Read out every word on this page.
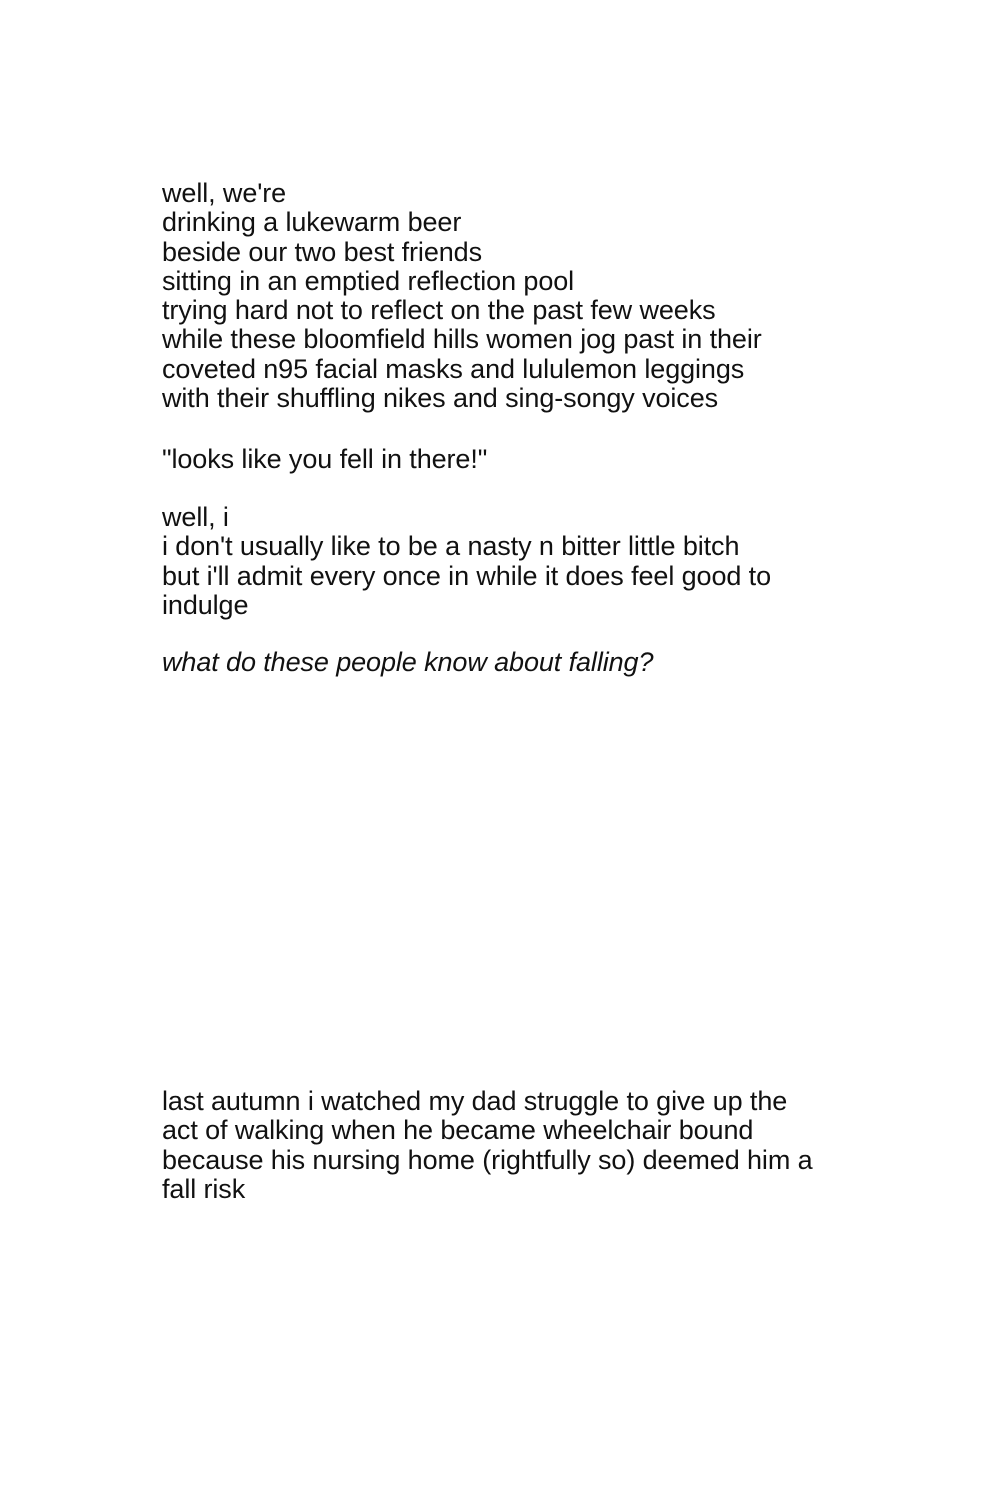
well, we're
drinking a lukewarm beer
beside our two best friends
sitting in an emptied reflection pool
trying hard not to reflect on the past few weeks
while these bloomfield hills women jog past in their
coveted n95 facial masks and lululemon leggings
with their shuffling nikes and sing-songy voices
"looks like you fell in there!"
well, i
i don't usually like to be a nasty n bitter little bitch
but i'll admit every once in while it does feel good to
indulge
what do these people know about falling?
last autumn i watched my dad struggle to give up the
act of walking when he became wheelchair bound
because his nursing home (rightfully so) deemed him a
fall risk
